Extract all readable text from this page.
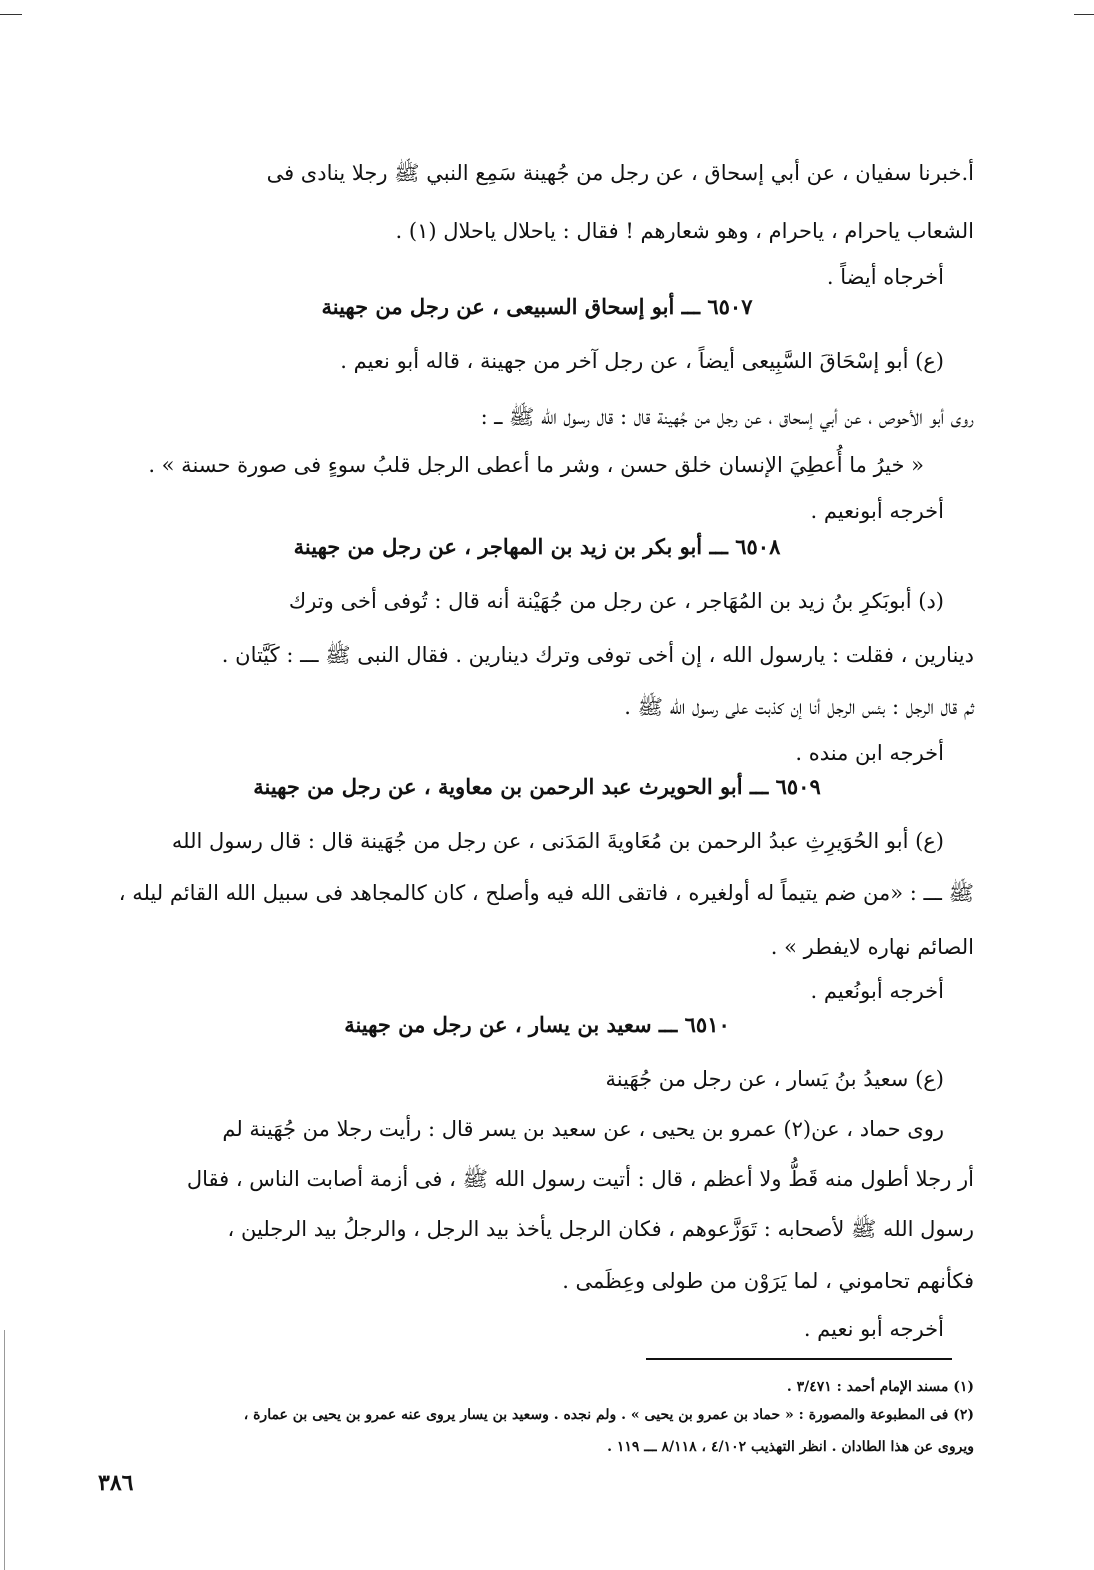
أ.خبرنا سفيان ، عن أبي إسحاق ، عن رجل من جُهينة سَمِع النبي ﷺ رجلا ينادى فى
الشعاب ياحرام ، ياحرام ، وهو شعارهم ! فقال : ياحلال ياحلال (١) .
أخرجاه أيضاً .
٦٥٠٧ ـــ أبو إسحاق السبيعى ، عن رجل من جهينة
(ع) أبو إسْحَاقَ السَّبِيعى أيضاً ، عن رجل آخر من جهينة ، قاله أبو نعيم .
روى أبو الأحوص ، عن أبي إسحاق ، عن رجل من جُهينة قال : قال رسول الله ﷺ ـــ :
« خيرُ ما أُعطِيَ الإنسان خلق حسن ، وشر ما أعطى الرجل قلبُ سوءٍ فى صورة حسنة » .
أخرجه أبونعيم .
٦٥٠٨ ـــ أبو بكر بن زيد بن المهاجر ، عن رجل من جهينة
(د) أبوبَكرِ بنُ زيد بن المُهَاجر ، عن رجل من جُهَيْنة أنه قال : تُوفى أخى وترك
دينارين ، فقلت : يارسول الله ، إن أخى توفى وترك دينارين . فقال النبى ﷺ ـــ : كَيَّتان .
ثم قال الرجل : بئس الرجل أنا إن كذبت على رسول الله ﷺ .
أخرجه ابن منده .
٦٥٠٩ ـــ أبو الحويرث عبد الرحمن بن معاوية ، عن رجل من جهينة
(ع) أبو الحُوَيرِثِ عبدُ الرحمن بن مُعَاويةَ المَدَنى ، عن رجل من جُهَينة قال : قال رسول الله
ﷺ ـــ : «من ضم يتيماً له أولغيره ، فاتقى الله فيه وأصلح ، كان كالمجاهد فى سبيل الله القائم ليله ،
الصائم نهاره لايفطر » .
أخرجه أبونُعيم .
٦٥١٠ ـــ سعيد بن يسار ، عن رجل من جهينة
(ع) سعيدُ بنُ يَسار ، عن رجل من جُهَينة
روى حماد ، عن(٢) عمرو بن يحيى ، عن سعيد بن يسر قال : رأيت رجلا من جُهَينة لم
أر رجلا أطول منه قَطُّ ولا أعظم ، قال : أتيت رسول الله ﷺ ، فى أزمة أصابت الناس ، فقال
رسول الله ﷺ لأصحابه : تَوَزَّعوهم ، فكان الرجل يأخذ بيد الرجل ، والرجلُ بيد الرجلين ،
فكأنهم تحاموني ، لما يَرَوْن من طولى وعِظَمى .
أخرجه أبو نعيم .
(١) مسند الإمام أحمد : ٣/٤٧١ .
(٢) فى المطبوعة والمصورة : « حماد بن عمرو بن يحيى » . ولم نجده . وسعيد بن يسار يروى عنه عمرو بن يحيى بن عمارة ،
ويروى عن هذا الطادان . انظر التهذيب ٤/١٠٢ ، ٨/١١٨ ـــ ١١٩ .
٣٨٦
